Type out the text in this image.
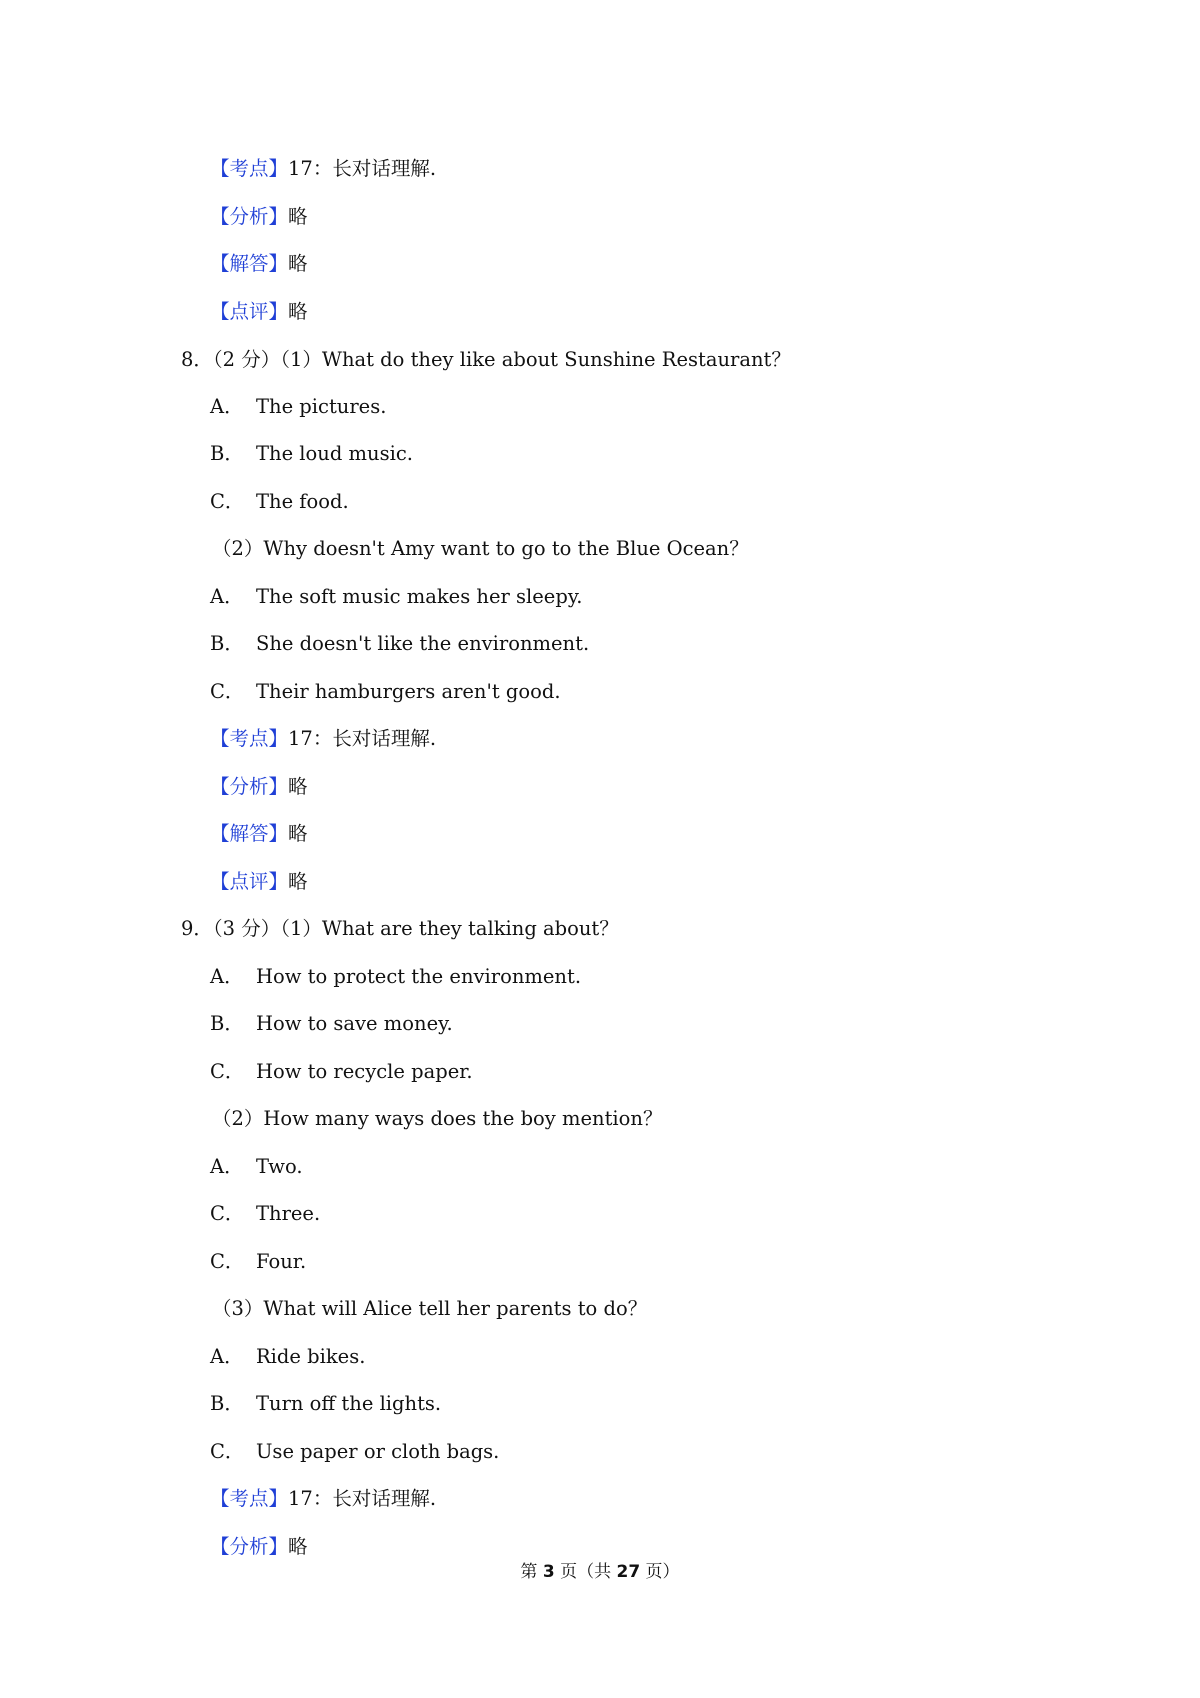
【考点】17：长对话理解.
【分析】略
【解答】略
【点评】略
8．（2 分）（1）What do they like about Sunshine Restaurant？
A． The pictures.
B． The loud music.
C． The food.
（2）Why doesn't Amy want to go to the Blue Ocean？
A． The soft music makes her sleepy.
B． She doesn't like the environment.
C． Their hamburgers aren't good.
【考点】17：长对话理解.
【分析】略
【解答】略
【点评】略
9．（3 分）（1）What are they talking about？
A． How to protect the environment.
B． How to save money.
C． How to recycle paper.
（2）How many ways does the boy mention？
A． Two.
C． Three.
C． Four.
（3）What will Alice tell her parents to do？
A． Ride bikes.
B． Turn off the lights.
C． Use paper or cloth bags.
【考点】17：长对话理解.
【分析】略
第 3 页（共 27 页）
